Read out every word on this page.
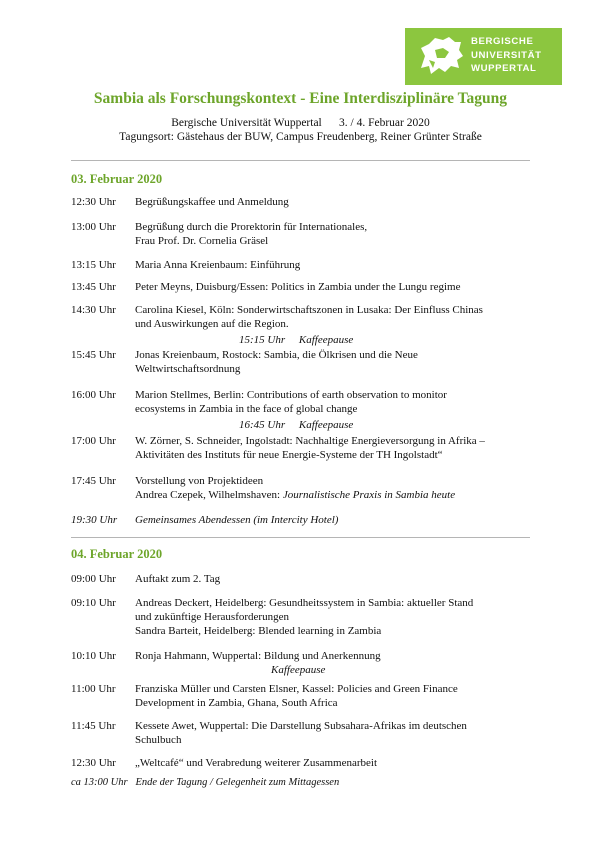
BERGISCHE
UNIVERSITÄT
WUPPERTAL
Sambia als Forschungskontext - Eine Interdisziplinäre Tagung
Bergische Universität Wuppertal      3. / 4. Februar 2020
Tagungsort: Gästehaus der BUW, Campus Freudenberg, Reiner Grünter Straße
03. Februar 2020
12:30 Uhr Begrüßungskaffee und Anmeldung
13:00 Uhr Begrüßung durch die Prorektorin für Internationales,
Frau Prof. Dr. Cornelia Gräsel
13:15 Uhr Maria Anna Kreienbaum: Einführung
13:45 Uhr Peter Meyns, Duisburg/Essen: Politics in Zambia under the Lungu regime
14:30 Uhr Carolina Kiesel, Köln: Sonderwirtschaftszonen in Lusaka: Der Einfluss Chinas
und Auswirkungen auf die Region.
15:15 Uhr Kaffeepause
15:45 Uhr Jonas Kreienbaum, Rostock: Sambia, die Ölkrisen und die Neue
Weltwirtschaftsordnung
16:00 Uhr Marion Stellmes, Berlin: Contributions of earth observation to monitor
ecosystems in Zambia in the face of global change
16:45 Uhr Kaffeepause
17:00 Uhr W. Zörner, S. Schneider, Ingolstadt: Nachhaltige Energieversorgung in Afrika –
Aktivitäten des Instituts für neue Energie-Systeme der TH Ingolstadt“
17:45 Uhr Vorstellung von Projektideen
Andrea Czepek, Wilhelmshaven: Journalistische Praxis in Sambia heute
19:30 Uhr Gemeinsames Abendessen (im Intercity Hotel)
04. Februar 2020
09:00 Uhr Auftakt zum 2. Tag
09:10 Uhr Andreas Deckert, Heidelberg: Gesundheitssystem in Sambia: aktueller Stand
und zukünftige Herausforderungen
Sandra Barteit, Heidelberg: Blended learning in Zambia
10:10 Uhr Ronja Hahmann, Wuppertal: Bildung und Anerkennung
Kaffeepause
11:00 Uhr Franziska Müller und Carsten Elsner, Kassel: Policies and Green Finance
Development in Zambia, Ghana, South Africa
11:45 Uhr Kessete Awet, Wuppertal: Die Darstellung Subsahara-Afrikas im deutschen
Schulbuch
12:30 Uhr „Weltcafé“ und Verabredung weiterer Zusammenarbeit
ca 13:00 Uhr Ende der Tagung / Gelegenheit zum Mittagessen
